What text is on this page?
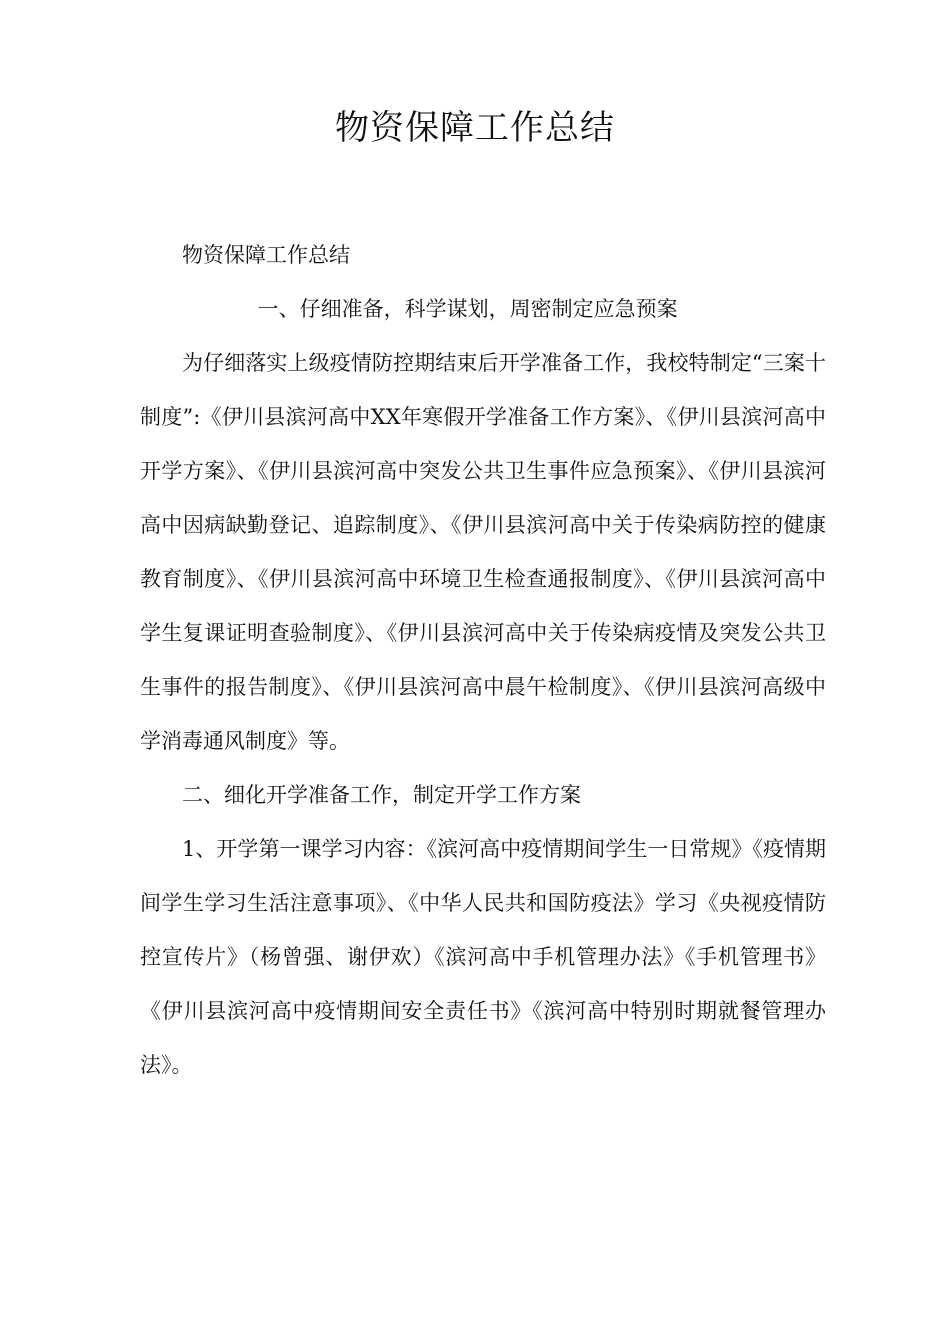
物资保障工作总结

物资保障工作总结

一、仔细准备，科学谋划，周密制定应急预案

为仔细落实上级疫情防控期结束后开学准备工作，我校特制定“三案十制度”:《伊川县滨河高中XX年寒假开学准备工作方案》、《伊川县滨河高中开学方案》、《伊川县滨河高中突发公共卫生事件应急预案》、《伊川县滨河高中因病缺勤登记、追踪制度》、《伊川县滨河高中关于传染病防控的健康教育制度》、《伊川县滨河高中环境卫生检查通报制度》、《伊川县滨河高中学生复课证明查验制度》、《伊川县滨河高中关于传染病疫情及突发公共卫生事件的报告制度》、《伊川县滨河高中晨午检制度》、《伊川县滨河高级中学消毒通风制度》等。

二、细化开学准备工作，制定开学工作方案

1、开学第一课学习内容：《滨河高中疫情期间学生一日常规》《疫情期间学生学习生活注意事项》、《中华人民共和国防疫法》学习《央视疫情防控宣传片》（杨曾强、谢伊欢）《滨河高中手机管理办法》《手机管理书》《伊川县滨河高中疫情期间安全责任书》《滨河高中特别时期就餐管理办法》。
